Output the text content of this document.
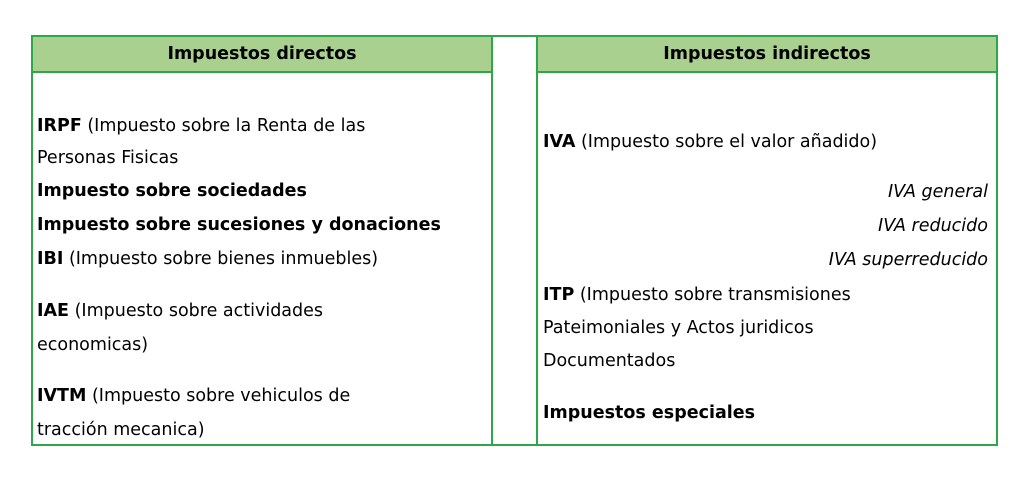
Impuestos directos	Impuestos indirectos
IRPF (Impuesto sobre la Renta de las
Personas Fisicas
Impuesto sobre sociedades
Impuesto sobre sucesiones y donaciones
IBI (Impuesto sobre bienes inmuebles)
IAE (Impuesto sobre actividades
economicas)
IVTM (Impuesto sobre vehiculos de
tracción mecanica)
IVA (Impuesto sobre el valor añadido)
IVA general
IVA reducido
IVA superreducido
ITP (Impuesto sobre transmisiones
Pateimoniales y Actos juridicos
Documentados
Impuestos especiales
